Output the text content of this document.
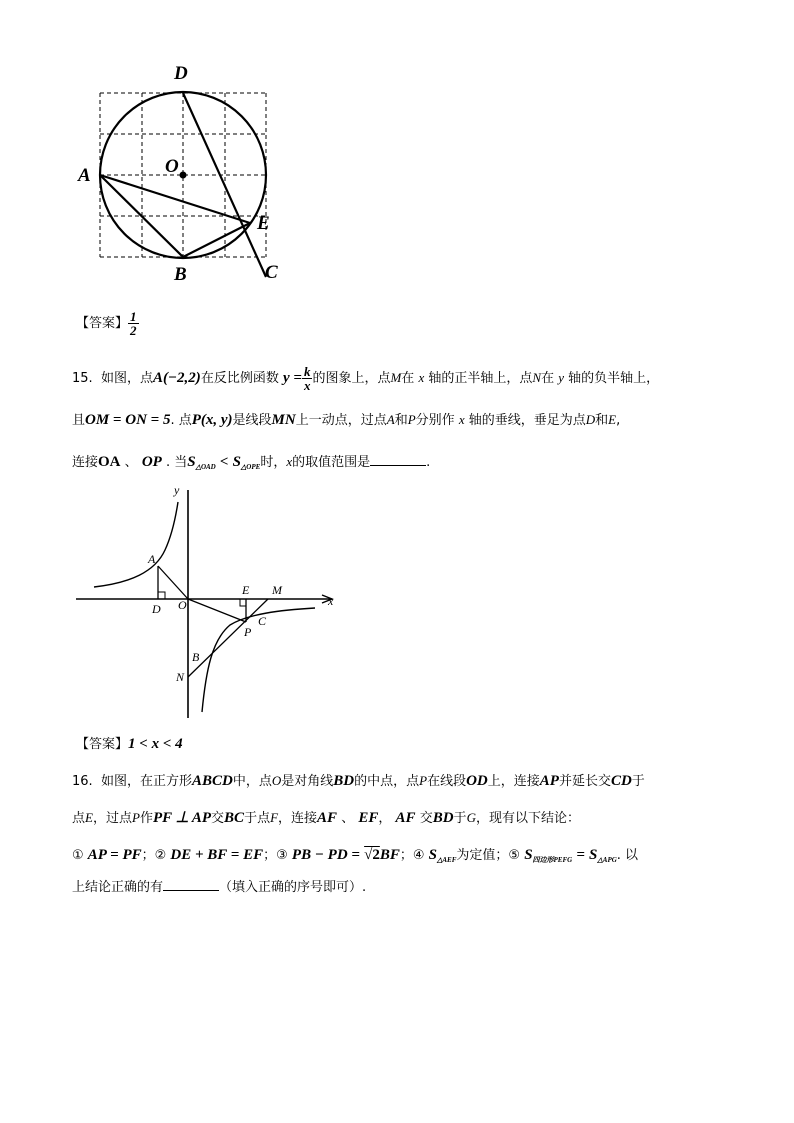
D
O
A
E
B	C
【答案】 $\frac{1}{2}$
15. 如图，点A(−2,2)在反比例函数 $y = \frac{k}{x}$ 的图象上，点M在 x 轴的正半轴上，点N在 y 轴的负半轴上，
且OM = ON = 5. 点P(x, y)是线段MN上一动点，过点A和P分别作 x 轴的垂线，垂足为点D和E,
连接OA 、 OP . 当$S_{\triangle OAD} < S_{\triangle OPE}$时，x的取值范围是	.
y
x
A
D O
E M
C
P
B
N
【答案】1 < x < 4
16. 如图，在正方形ABCD中，点O是对角线BD的中点，点P在线段OD上，连接AP并延长交CD于
点E，过点P作PF ⊥ AP交BC于点F，连接AF 、 EF， AF 交BD于G，现有以下结论：
① AP = PF；② DE + BF = EF；③ PB − PD = √2BF；④ $S_{\triangle AEF}$为定值；⑤ $S_{四边形PEFG} = S_{\triangle APG}$. 以
上结论正确的有	（填入正确的序号即可）.
